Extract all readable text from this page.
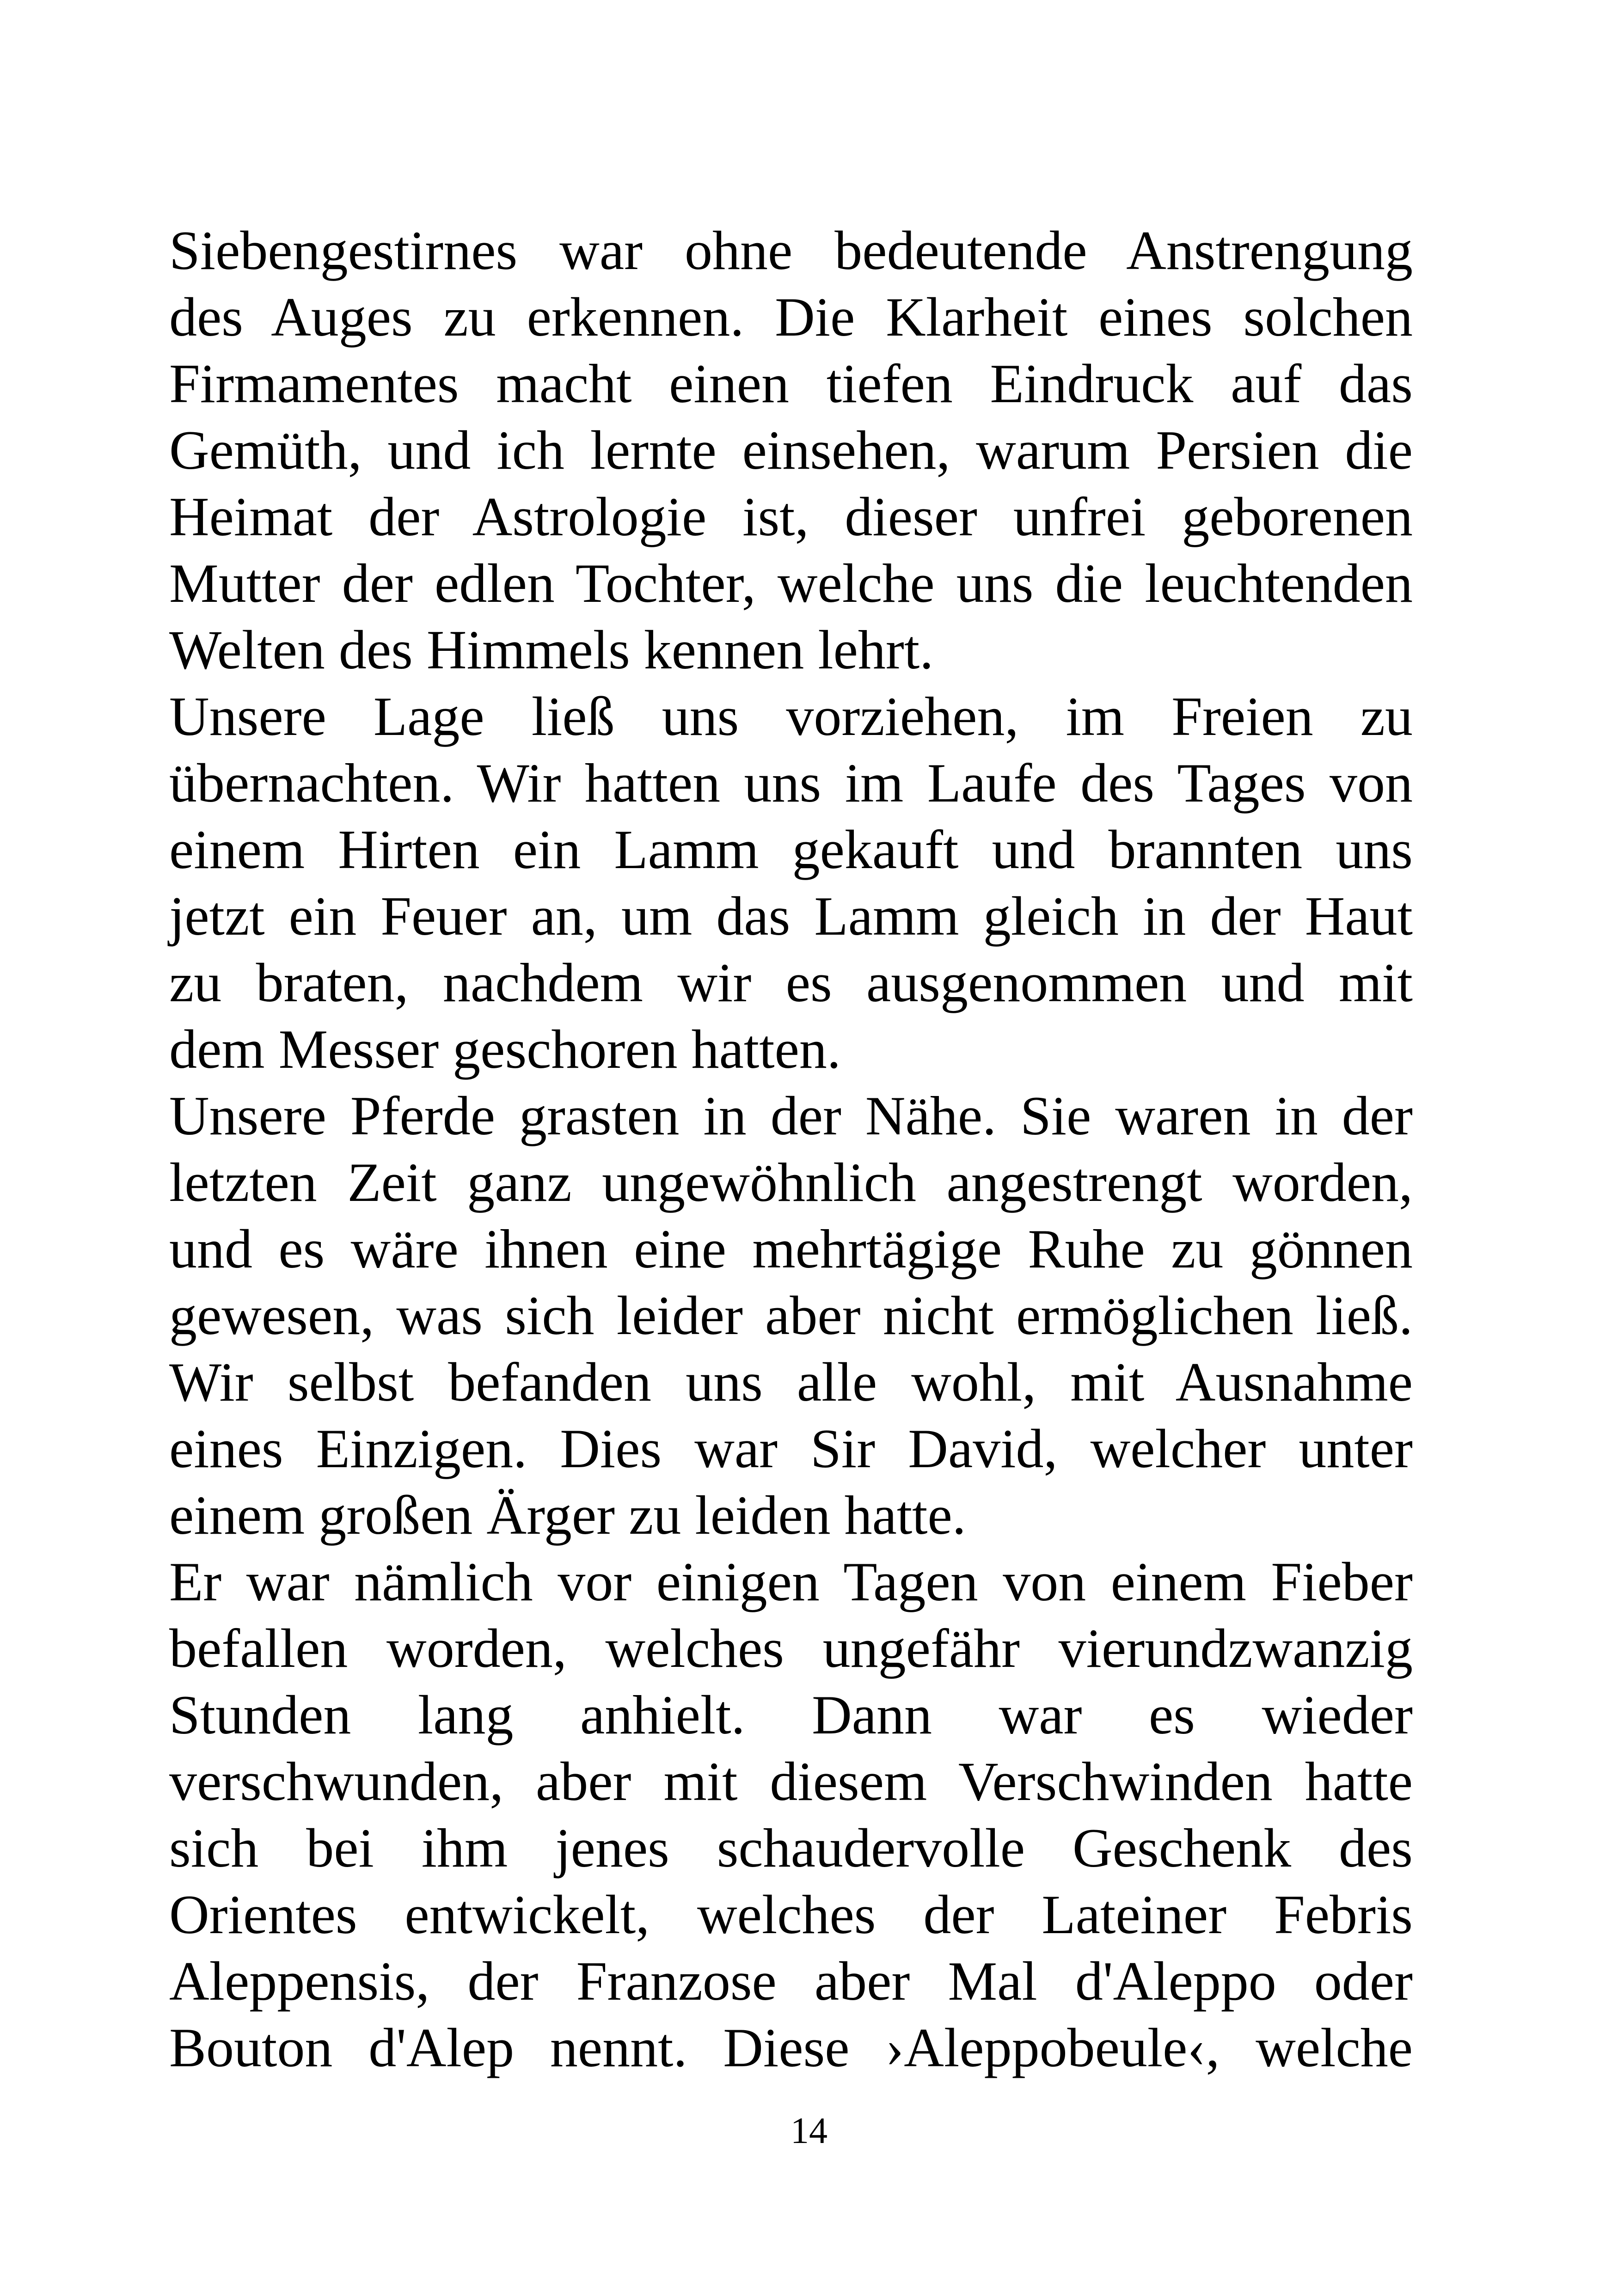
Siebengestirnes war ohne bedeutende Anstrengung
des Auges zu erkennen. Die Klarheit eines solchen
Firmamentes macht einen tiefen Eindruck auf das
Gemüth, und ich lernte einsehen, warum Persien die
Heimat der Astrologie ist, dieser unfrei geborenen
Mutter der edlen Tochter, welche uns die leuchtenden
Welten des Himmels kennen lehrt.
Unsere Lage ließ uns vorziehen, im Freien zu
übernachten. Wir hatten uns im Laufe des Tages von
einem Hirten ein Lamm gekauft und brannten uns
jetzt ein Feuer an, um das Lamm gleich in der Haut
zu braten, nachdem wir es ausgenommen und mit
dem Messer geschoren hatten.
Unsere Pferde grasten in der Nähe. Sie waren in der
letzten Zeit ganz ungewöhnlich angestrengt worden,
und es wäre ihnen eine mehrtägige Ruhe zu gönnen
gewesen, was sich leider aber nicht ermöglichen ließ.
Wir selbst befanden uns alle wohl, mit Ausnahme
eines Einzigen. Dies war Sir David, welcher unter
einem großen Ärger zu leiden hatte.
Er war nämlich vor einigen Tagen von einem Fieber
befallen worden, welches ungefähr vierundzwanzig
Stunden lang anhielt. Dann war es wieder
verschwunden, aber mit diesem Verschwinden hatte
sich bei ihm jenes schaudervolle Geschenk des
Orientes entwickelt, welches der Lateiner Febris
Aleppensis, der Franzose aber Mal d'Aleppo oder
Bouton d'Alep nennt. Diese ›Aleppobeule‹, welche
14
